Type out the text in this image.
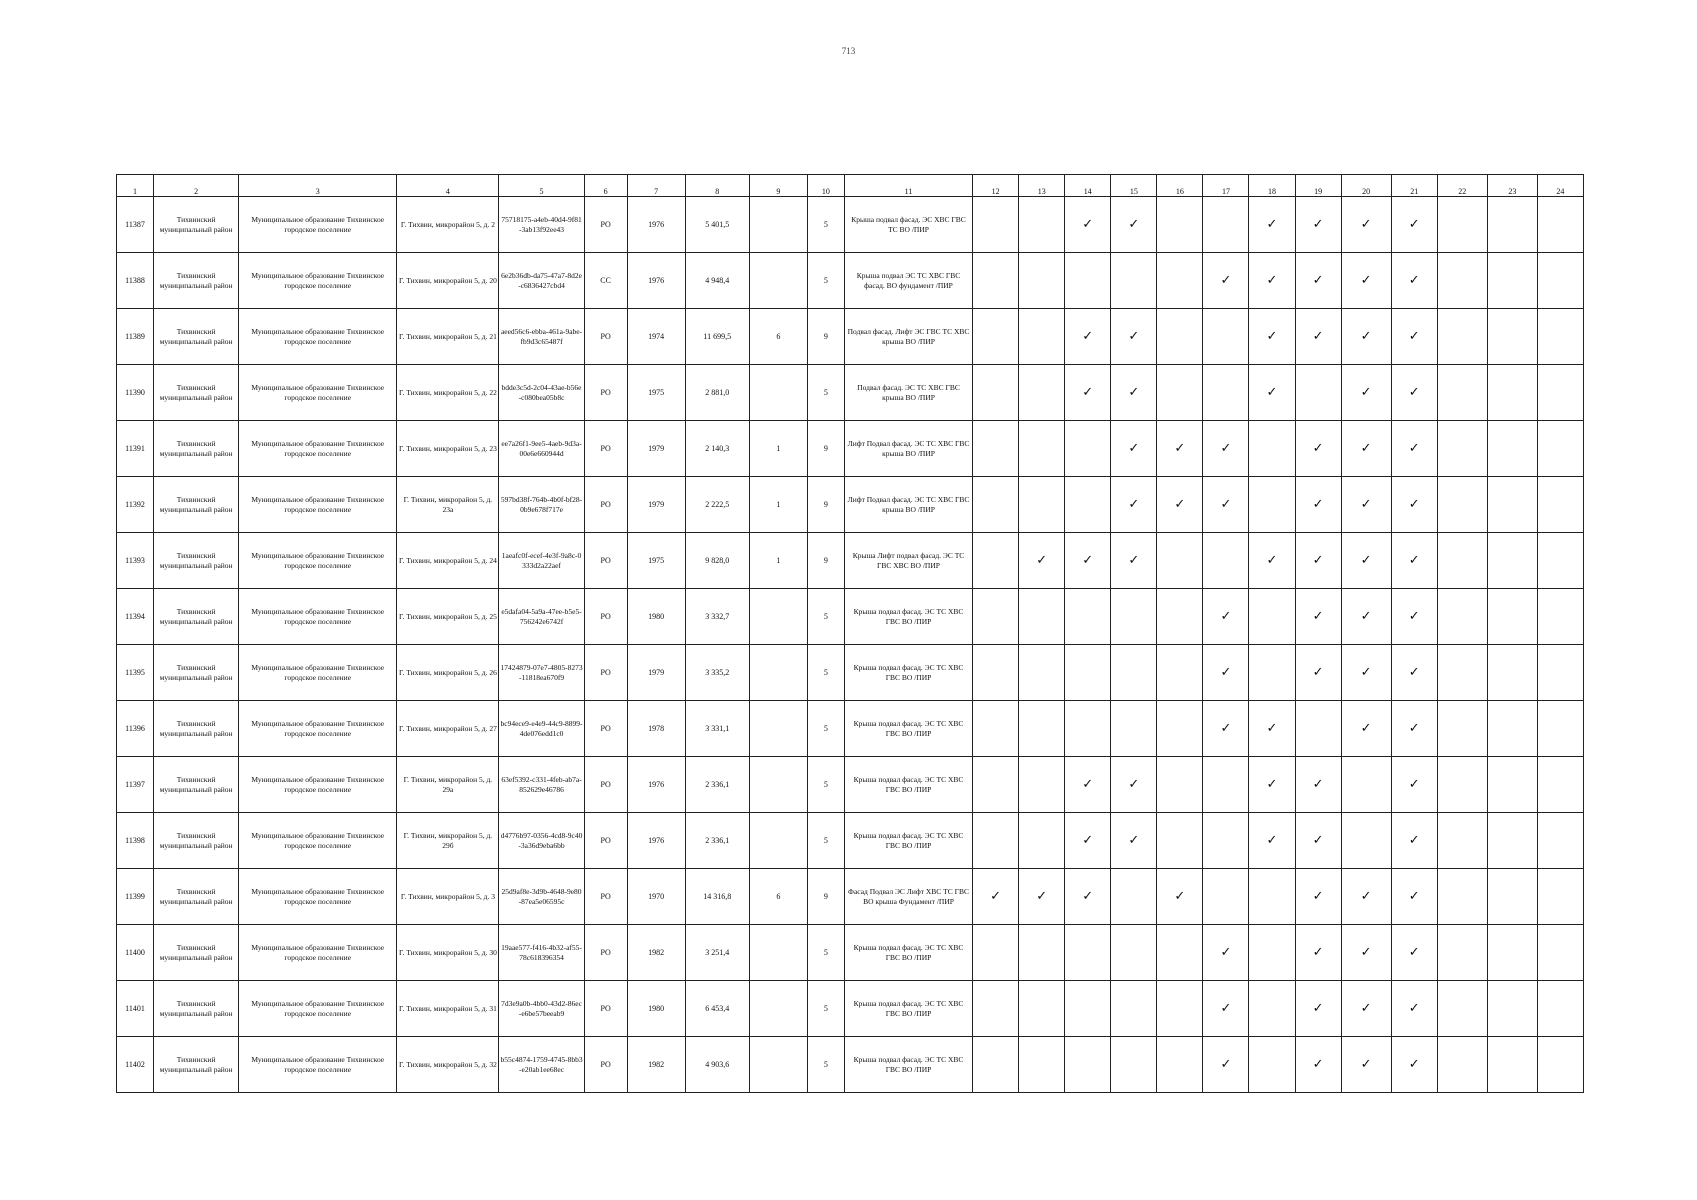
713
1	2	3	4	5	6	7	8	9	10	11	12	13	14	15	16	17	18	19	20	21	22	23	24
11387	Тихвинский муниципальный район	Муниципальное образование Тихвинское городское поселение	Г. Тихвин, микрорайон 5, д. 2	75718175-a4eb-40d4-9f81-3ab13f92ee43	РО	1976	5 401,5		5	Крыша подвал фасад. ЭС ХВС ГВС ТС ВО /ПИР			✓	✓			✓	✓	✓	✓			
11388	Тихвинский муниципальный район	Муниципальное образование Тихвинское городское поселение	Г. Тихвин, микрорайон 5, д. 20	6e2b36db-da75-47a7-8d2e-c6836427cbd4	СС	1976	4 948,4		5	Крыша подвал ЭС ТС ХВС ГВС фасад. ВО фундамент /ПИР						✓	✓	✓	✓	✓			
11389	Тихвинский муниципальный район	Муниципальное образование Тихвинское городское поселение	Г. Тихвин, микрорайон 5, д. 21	aeed56c6-ebba-461a-9abe-fb9d3c65487f	РО	1974	11 699,5	6	9	Подвал фасад. Лифт ЭС ГВС ТС ХВС крыша ВО /ПИР			✓	✓			✓	✓	✓	✓			
11390	Тихвинский муниципальный район	Муниципальное образование Тихвинское городское поселение	Г. Тихвин, микрорайон 5, д. 22	bdde3c5d-2c04-43ae-b56e-c080bea05b8c	РО	1975	2 881,0		5	Подвал фасад. ЭС ТС ХВС ГВС крыша ВО /ПИР			✓	✓			✓		✓	✓			
11391	Тихвинский муниципальный район	Муниципальное образование Тихвинское городское поселение	Г. Тихвин, микрорайон 5, д. 23	ee7a26f1-9ee5-4aeb-9d3a-00e6e660944d	РО	1979	2 140,3	1	9	Лифт Подвал фасад. ЭС ТС ХВС ГВС крыша ВО /ПИР				✓	✓	✓		✓	✓	✓			
11392	Тихвинский муниципальный район	Муниципальное образование Тихвинское городское поселение	Г. Тихвин, микрорайон 5, д. 23а	597bd38f-764b-4b0f-bf28-0b9e678f717e	РО	1979	2 222,5	1	9	Лифт Подвал фасад. ЭС ТС ХВС ГВС крыша ВО /ПИР				✓	✓	✓		✓	✓	✓			
11393	Тихвинский муниципальный район	Муниципальное образование Тихвинское городское поселение	Г. Тихвин, микрорайон 5, д. 24	1aeafc0f-ecef-4e3f-9a8c-0333d2a22aef	РО	1975	9 828,0	1	9	Крыша Лифт подвал фасад. ЭС ТС ГВС ХВС ВО /ПИР		✓	✓	✓			✓	✓	✓	✓			
11394	Тихвинский муниципальный район	Муниципальное образование Тихвинское городское поселение	Г. Тихвин, микрорайон 5, д. 25	e5dafa04-5a9a-47ee-b5e5-756242e6742f	РО	1980	3 332,7		5	Крыша подвал фасад. ЭС ТС ХВС ГВС ВО /ПИР						✓		✓	✓	✓			
11395	Тихвинский муниципальный район	Муниципальное образование Тихвинское городское поселение	Г. Тихвин, микрорайон 5, д. 26	17424879-07e7-4805-8273-11818ea670f9	РО	1979	3 335,2		5	Крыша подвал фасад. ЭС ТС ХВС ГВС ВО /ПИР						✓		✓	✓	✓			
11396	Тихвинский муниципальный район	Муниципальное образование Тихвинское городское поселение	Г. Тихвин, микрорайон 5, д. 27	bc94ece9-e4e9-44c9-8899-4de076edd1c0	РО	1978	3 331,1		5	Крыша подвал фасад. ЭС ТС ХВС ГВС ВО /ПИР						✓	✓		✓	✓			
11397	Тихвинский муниципальный район	Муниципальное образование Тихвинское городское поселение	Г. Тихвин, микрорайон 5, д. 29а	63ef5392-c331-4feb-ab7a-852629e46786	РО	1976	2 336,1		5	Крыша подвал фасад. ЭС ТС ХВС ГВС ВО /ПИР			✓	✓			✓	✓		✓			
11398	Тихвинский муниципальный район	Муниципальное образование Тихвинское городское поселение	Г. Тихвин, микрорайон 5, д. 29б	d4776b97-0356-4cd8-9c40-3a36d9eba6bb	РО	1976	2 336,1		5	Крыша подвал фасад. ЭС ТС ХВС ГВС ВО /ПИР			✓	✓			✓	✓		✓			
11399	Тихвинский муниципальный район	Муниципальное образование Тихвинское городское поселение	Г. Тихвин, микрорайон 5, д. 3	25d9af8e-3d9b-4648-9e80-87ea5e06595c	РО	1970	14 316,8	6	9	Фасад Подвал ЭС Лифт ХВС ТС ГВС ВО крыша Фундамент /ПИР	✓	✓	✓		✓			✓	✓	✓			
11400	Тихвинский муниципальный район	Муниципальное образование Тихвинское городское поселение	Г. Тихвин, микрорайон 5, д. 30	19aae577-f416-4b32-af55-78c618396354	РО	1982	3 251,4		5	Крыша подвал фасад. ЭС ТС ХВС ГВС ВО /ПИР						✓		✓	✓	✓			
11401	Тихвинский муниципальный район	Муниципальное образование Тихвинское городское поселение	Г. Тихвин, микрорайон 5, д. 31	7d3e9a0b-4bb0-43d2-86ec-e6be57beeab9	РО	1980	6 453,4		5	Крыша подвал фасад. ЭС ТС ХВС ГВС ВО /ПИР						✓		✓	✓	✓			
11402	Тихвинский муниципальный район	Муниципальное образование Тихвинское городское поселение	Г. Тихвин, микрорайон 5, д. 32	b55c4874-1759-4745-8bb3-e20ab1ee68ec	РО	1982	4 903,6		5	Крыша подвал фасад. ЭС ТС ХВС ГВС ВО /ПИР						✓		✓	✓	✓			
